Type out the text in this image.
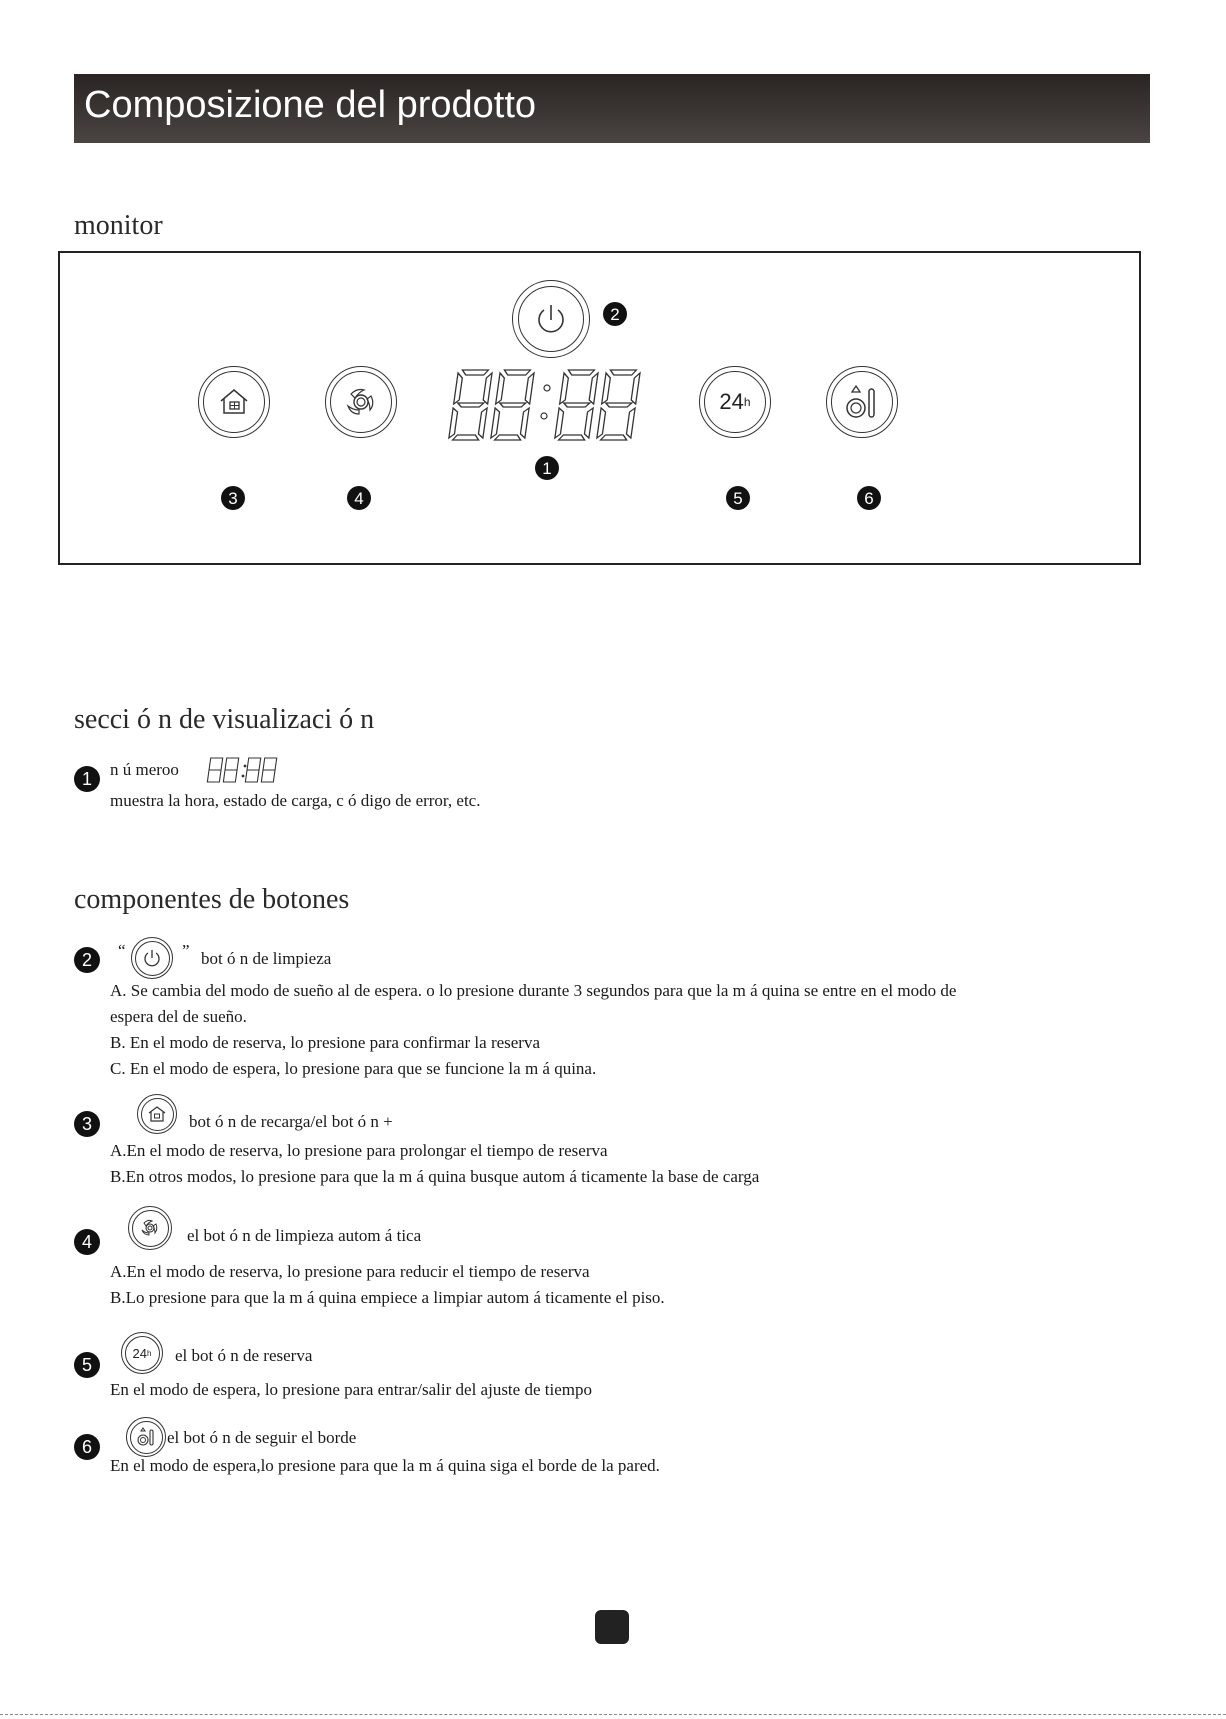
Composizione del prodotto
monitor
2
1
24 h
3	4	5	6
secci ó n de visualizaci ó n
1	n ú meroo
muestra la hora, estado de carga, c ó digo de error, etc.
componentes de botones
2	“	” bot ó n de limpieza
A. Se cambia del modo de sueño al de espera. o lo presione durante 3 segundos para que la m á quina se entre en el modo de
espera del de sueño.
B. En el modo de reserva, lo presione para confirmar la reserva
C. En el modo de espera, lo presione para que se funcione la m á quina.
3	bot ó n de recarga/el bot ó n +
A.En el modo de reserva, lo presione para prolongar el tiempo de reserva
B.En otros modos, lo presione para que la m á quina busque autom á ticamente la base de carga
4	el bot ó n de limpieza autom á tica
A.En el modo de reserva, lo presione para reducir el tiempo de reserva
B.Lo presione para que la m á quina empiece a limpiar autom á ticamente el piso.
5
24 h el bot ó n de reserva
En el modo de espera, lo presione para entrar/salir del ajuste de tiempo
6	el bot ó n de seguir el borde
En el modo de espera,lo presione para que la m á quina siga el borde de la pared.
